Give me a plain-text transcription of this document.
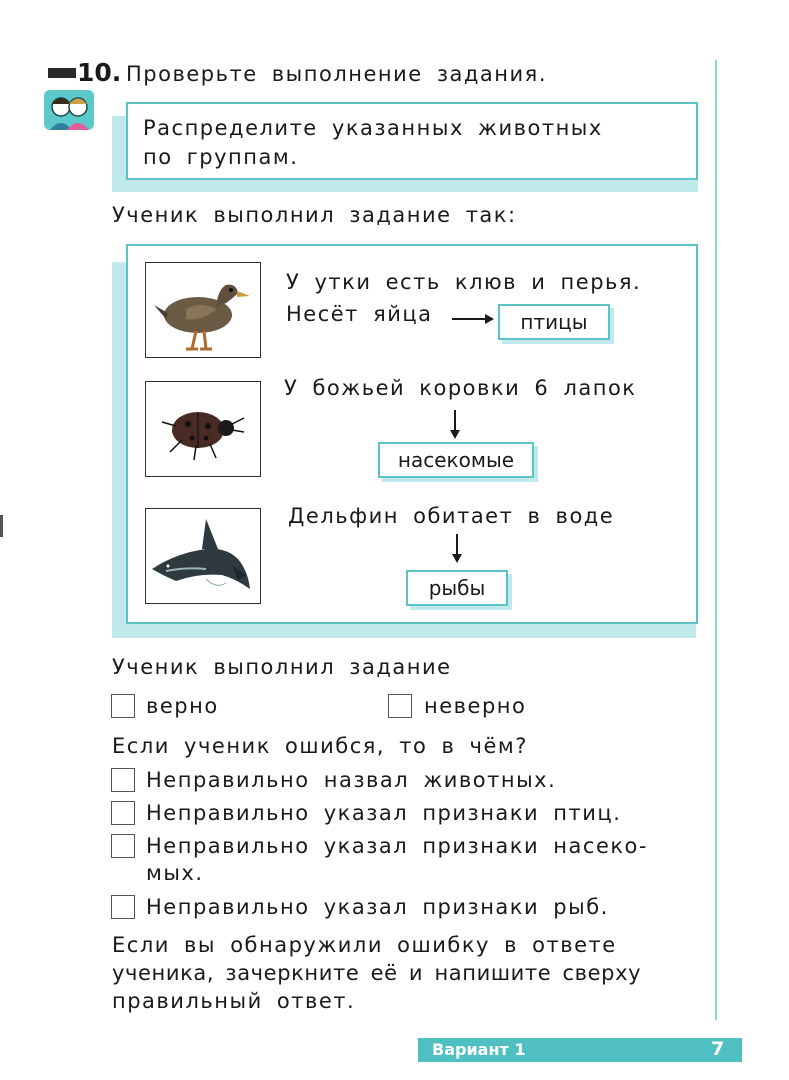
10. Проверьте выполнение задания.
Распределите указанных животных
по группам.
Ученик выполнил задание так:
У утки есть клюв и перья.
Несёт яйца	птицы
У божьей коровки 6 лапок
насекомые
Дельфин обитает в воде
рыбы
Ученик выполнил задание
верно	неверно
Если ученик ошибся, то в чём?
Неправильно назвал животных.
Неправильно указал признаки птиц.
Неправильно указал признаки насеко-
мых.
Неправильно указал признаки рыб.
Если вы обнаружили ошибку в ответе
ученика, зачеркните её и напишите сверху
правильный ответ.
Вариант 1	7
